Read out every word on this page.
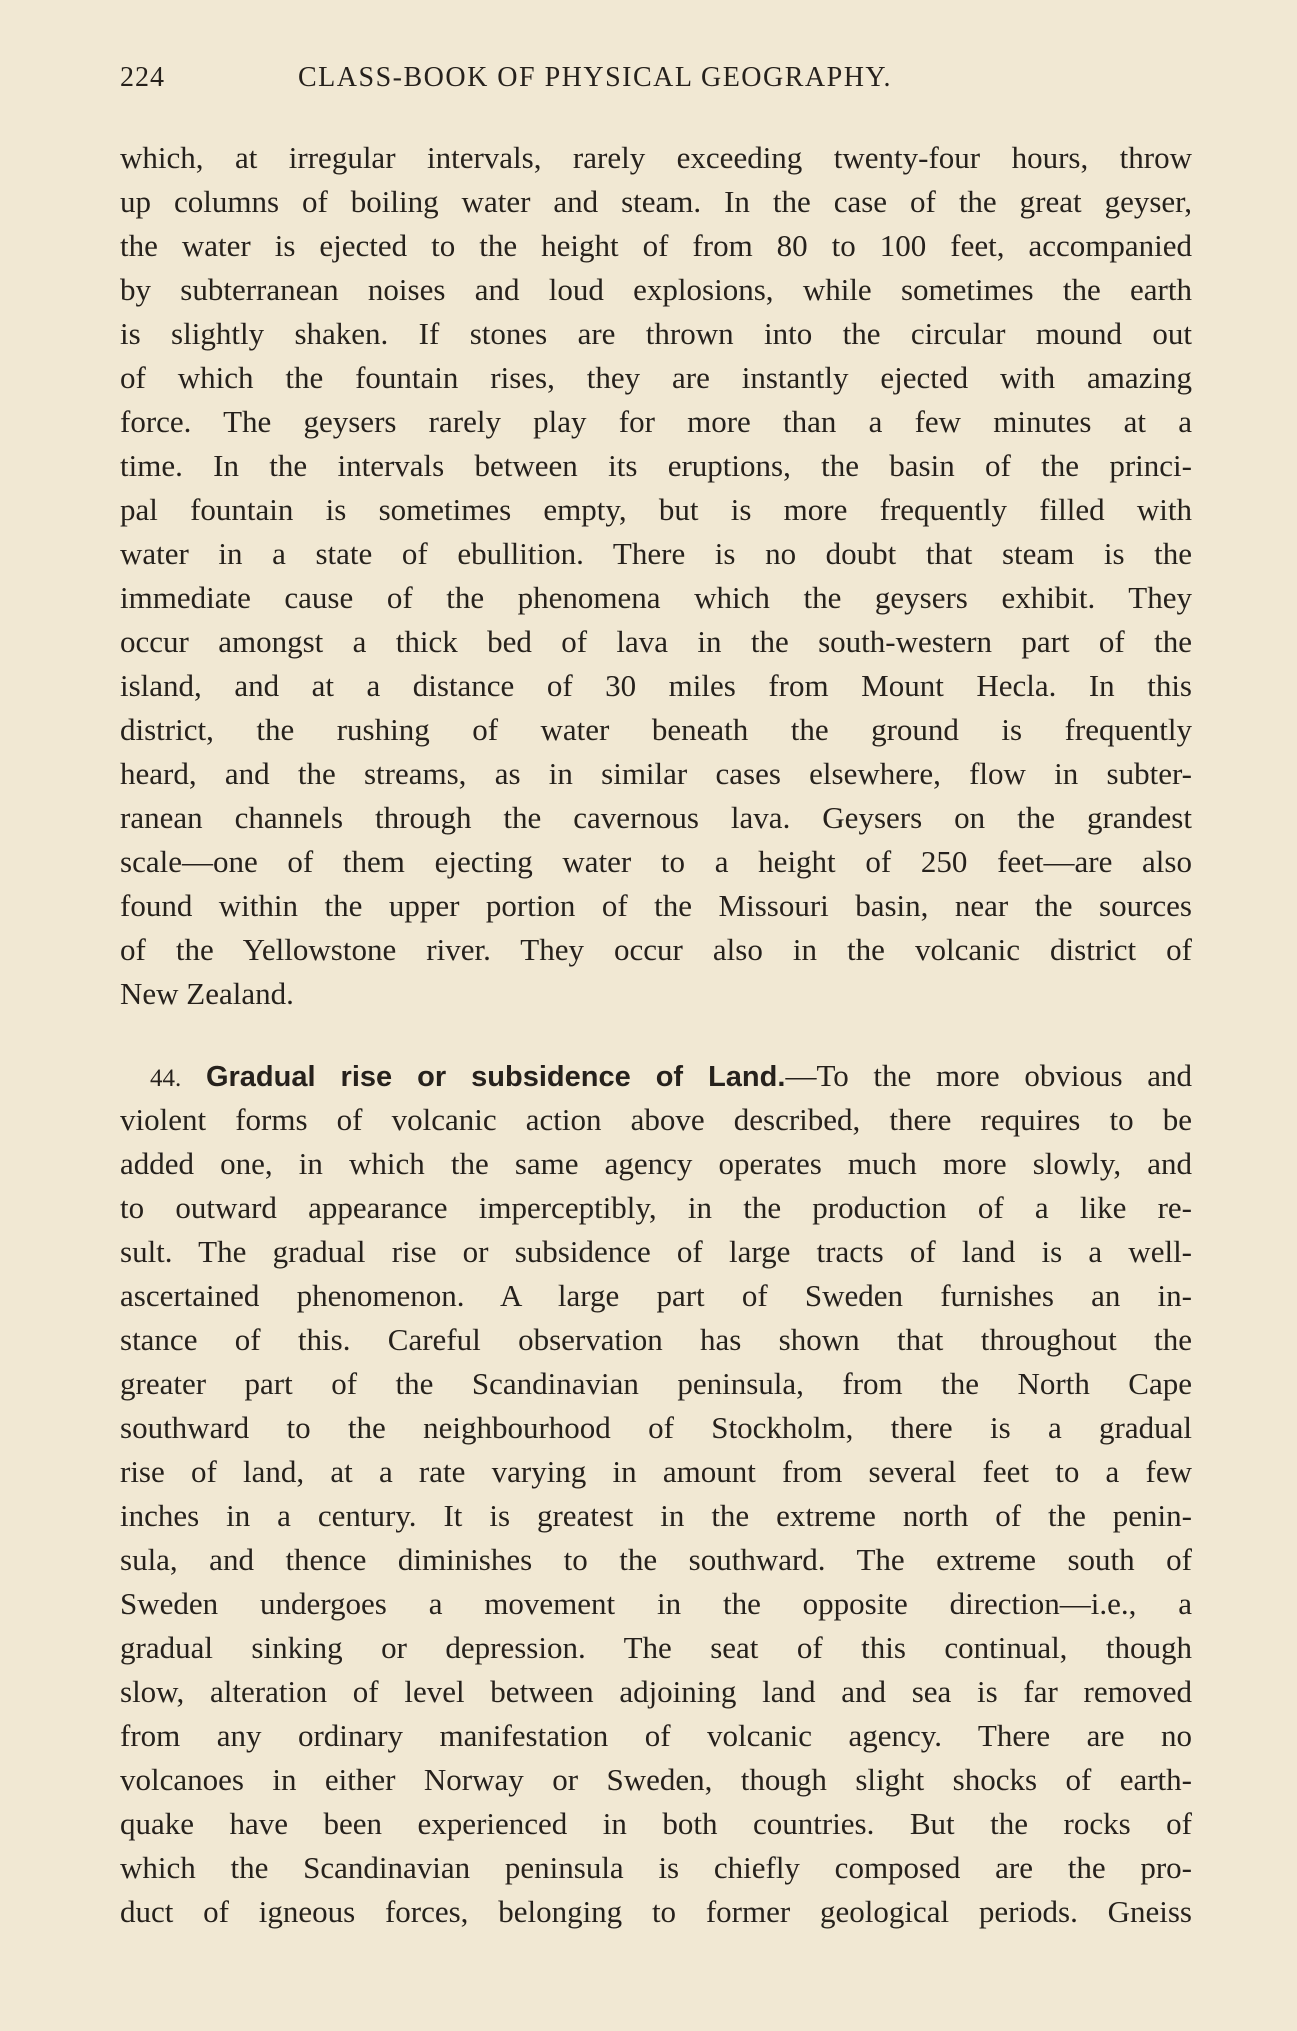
224	CLASS-BOOK OF PHYSICAL GEOGRAPHY.
which, at irregular intervals, rarely exceeding twenty-four hours, throw
up columns of boiling water and steam. In the case of the great geyser,
the water is ejected to the height of from 80 to 100 feet, accompanied
by subterranean noises and loud explosions, while sometimes the earth
is slightly shaken. If stones are thrown into the circular mound out
of which the fountain rises, they are instantly ejected with amazing
force. The geysers rarely play for more than a few minutes at a
time. In the intervals between its eruptions, the basin of the princi-
pal fountain is sometimes empty, but is more frequently filled with
water in a state of ebullition. There is no doubt that steam is the
immediate cause of the phenomena which the geysers exhibit. They
occur amongst a thick bed of lava in the south-western part of the
island, and at a distance of 30 miles from Mount Hecla. In this
district, the rushing of water beneath the ground is frequently
heard, and the streams, as in similar cases elsewhere, flow in subter-
ranean channels through the cavernous lava. Geysers on the grandest
scale—one of them ejecting water to a height of 250 feet—are also
found within the upper portion of the Missouri basin, near the sources
of the Yellowstone river. They occur also in the volcanic district of
New Zealand.
44. Gradual rise or subsidence of Land.—To the more obvious and
violent forms of volcanic action above described, there requires to be
added one, in which the same agency operates much more slowly, and
to outward appearance imperceptibly, in the production of a like re-
sult. The gradual rise or subsidence of large tracts of land is a well-
ascertained phenomenon. A large part of Sweden furnishes an in-
stance of this. Careful observation has shown that throughout the
greater part of the Scandinavian peninsula, from the North Cape
southward to the neighbourhood of Stockholm, there is a gradual
rise of land, at a rate varying in amount from several feet to a few
inches in a century. It is greatest in the extreme north of the penin-
sula, and thence diminishes to the southward. The extreme south of
Sweden undergoes a movement in the opposite direction—i.e., a
gradual sinking or depression. The seat of this continual, though
slow, alteration of level between adjoining land and sea is far removed
from any ordinary manifestation of volcanic agency. There are no
volcanoes in either Norway or Sweden, though slight shocks of earth-
quake have been experienced in both countries. But the rocks of
which the Scandinavian peninsula is chiefly composed are the pro-
duct of igneous forces, belonging to former geological periods. Gneiss
